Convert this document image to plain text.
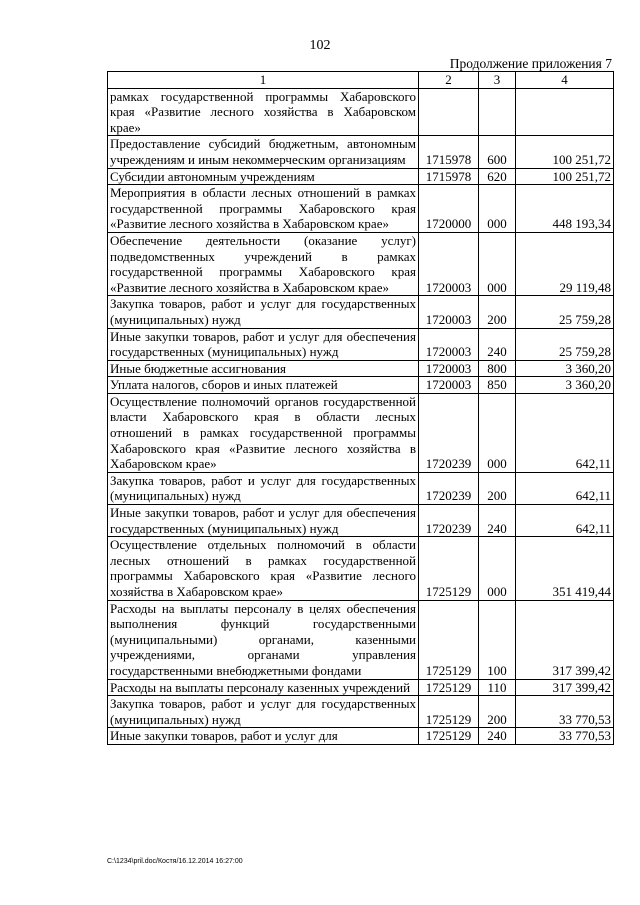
102
Продолжение приложения 7
1	2	3	4
рамках государственной программы Хабаровского края «Развитие лесного хозяйства в Хабаровском крае»			
Предоставление субсидий бюджетным, автономным учреждениям и иным некоммерческим организациям	1715978	600	100 251,72
Субсидии автономным учреждениям	1715978	620	100 251,72
Мероприятия в области лесных отношений в рамках государственной программы Хабаровского края «Развитие лесного хозяйства в Хабаровском крае»	1720000	000	448 193,34
Обеспечение деятельности (оказание услуг) подведомственных учреждений в рамках государственной программы Хабаровского края «Развитие лесного хозяйства в Хабаровском крае»	1720003	000	29 119,48
Закупка товаров, работ и услуг для государственных (муниципальных) нужд	1720003	200	25 759,28
Иные закупки товаров, работ и услуг для обеспечения государственных (муниципальных) нужд	1720003	240	25 759,28
Иные бюджетные ассигнования	1720003	800	3 360,20
Уплата налогов, сборов и иных платежей	1720003	850	3 360,20
Осуществление полномочий органов государственной власти Хабаровского края в области лесных отношений в рамках государственной программы Хабаровского края «Развитие лесного хозяйства в Хабаровском крае»	1720239	000	642,11
Закупка товаров, работ и услуг для государственных (муниципальных) нужд	1720239	200	642,11
Иные закупки товаров, работ и услуг для обеспечения государственных (муниципальных) нужд	1720239	240	642,11
Осуществление отдельных полномочий в области лесных отношений в рамках государственной программы Хабаровского края «Развитие лесного хозяйства в Хабаровском крае»	1725129	000	351 419,44
Расходы на выплаты персоналу в целях обеспечения выполнения функций государственными (муниципальными) органами, казенными учреждениями, органами управления государственными внебюджетными фондами	1725129	100	317 399,42
Расходы на выплаты персоналу казенных учреждений	1725129	110	317 399,42
Закупка товаров, работ и услуг для государственных (муниципальных) нужд	1725129	200	33 770,53
Иные закупки товаров, работ и услуг для	1725129	240	33 770,53
C:\1234\pril.doc/Костя/16.12.2014 16:27:00
